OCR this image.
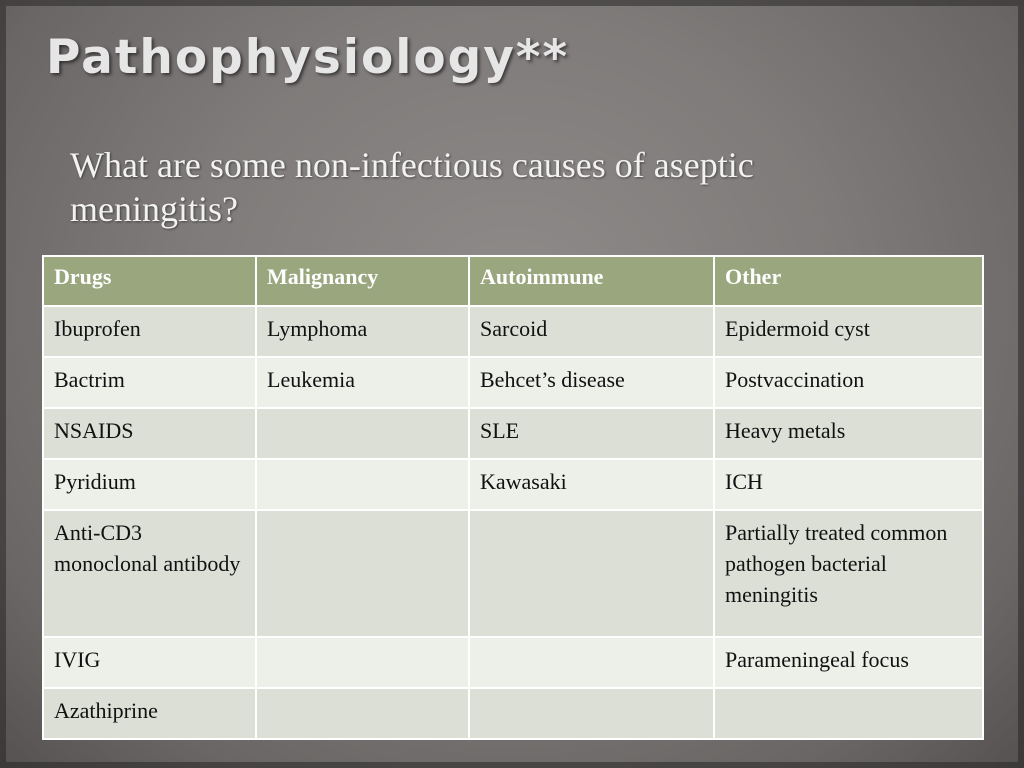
Pathophysiology**
What are some non-infectious causes of aseptic meningitis?
Drugs	Malignancy	Autoimmune	Other
Ibuprofen	Lymphoma	Sarcoid	Epidermoid cyst
Bactrim	Leukemia	Behcet’s disease	Postvaccination
NSAIDS		SLE	Heavy metals
Pyridium		Kawasaki	ICH
Anti-CD3 monoclonal antibody			Partially treated common pathogen bacterial meningitis
IVIG			Parameningeal focus
Azathiprine			
